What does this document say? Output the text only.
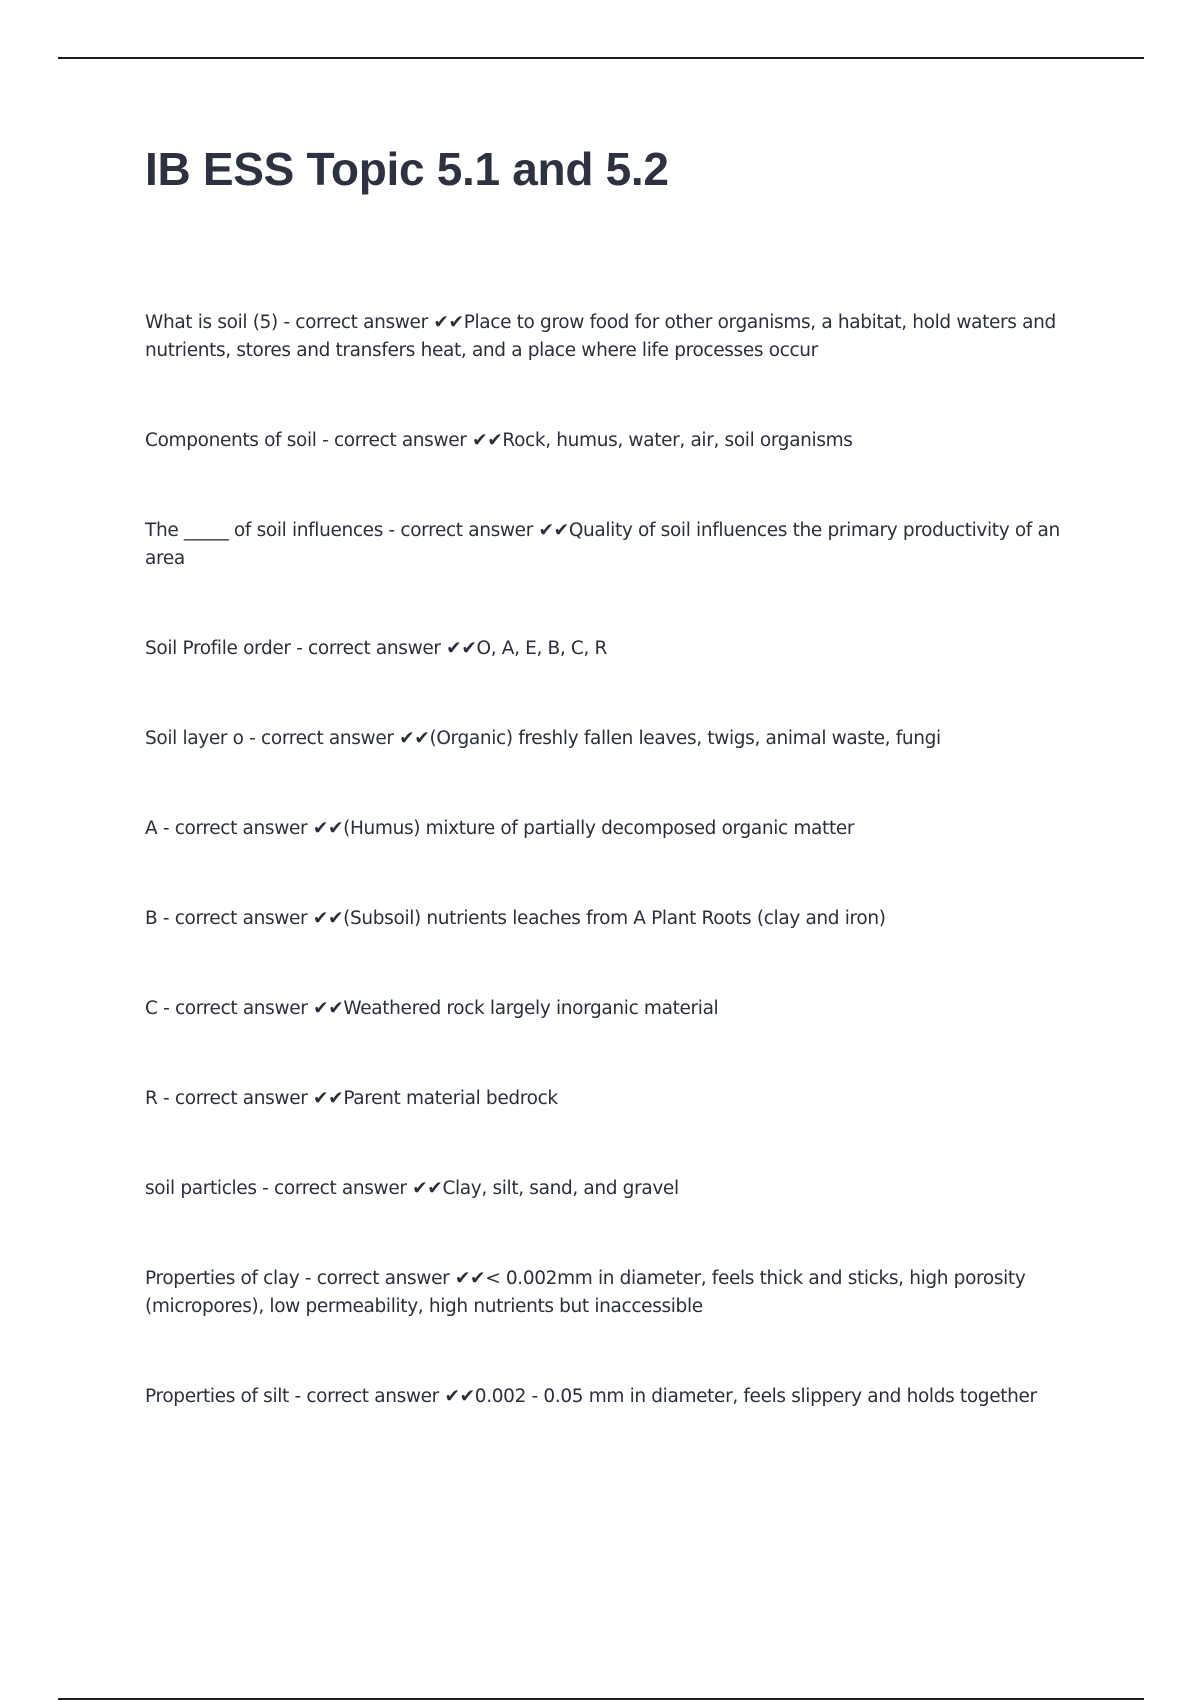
IB ESS Topic 5.1 and 5.2

What is soil (5) - correct answer ✔✔Place to grow food for other organisms, a habitat, hold waters and nutrients, stores and transfers heat, and a place where life processes occur

Components of soil - correct answer ✔✔Rock, humus, water, air, soil organisms

The _____ of soil influences - correct answer ✔✔Quality of soil influences the primary productivity of an area

Soil Profile order - correct answer ✔✔O, A, E, B, C, R

Soil layer o - correct answer ✔✔(Organic) freshly fallen leaves, twigs, animal waste, fungi

A - correct answer ✔✔(Humus) mixture of partially decomposed organic matter

B - correct answer ✔✔(Subsoil) nutrients leaches from A Plant Roots (clay and iron)

C - correct answer ✔✔Weathered rock largely inorganic material

R - correct answer ✔✔Parent material bedrock

soil particles - correct answer ✔✔Clay, silt, sand, and gravel

Properties of clay - correct answer ✔✔< 0.002mm in diameter, feels thick and sticks, high porosity (micropores), low permeability, high nutrients but inaccessible

Properties of silt - correct answer ✔✔0.002 - 0.05 mm in diameter, feels slippery and holds together
